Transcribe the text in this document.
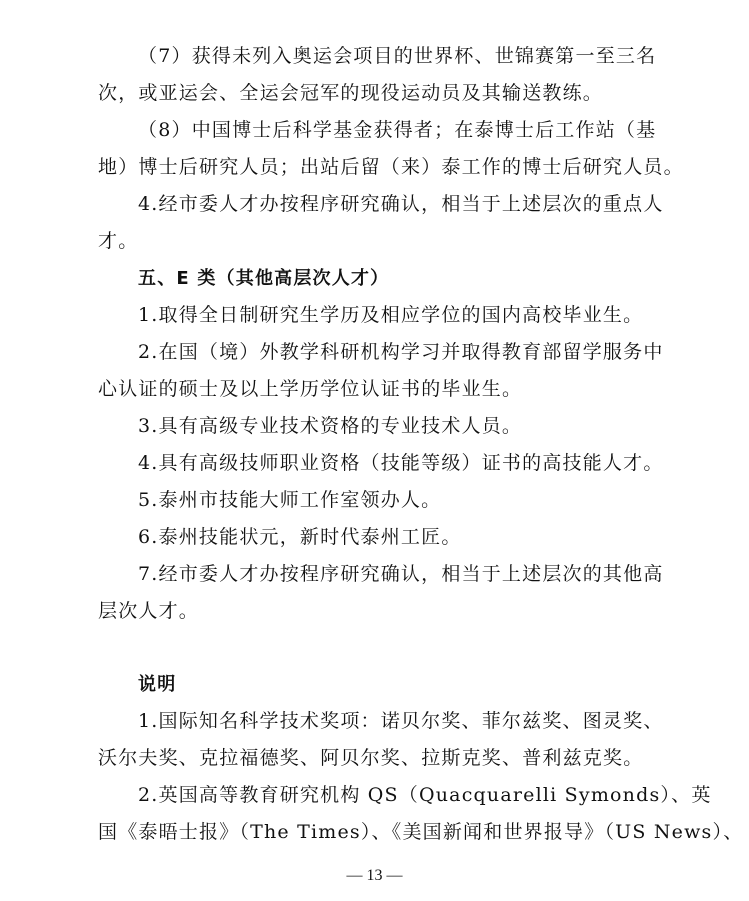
（7）获得未列入奥运会项目的世界杯、世锦赛第一至三名
次，或亚运会、全运会冠军的现役运动员及其输送教练。
（8）中国博士后科学基金获得者；在泰博士后工作站（基
地）博士后研究人员；出站后留（来）泰工作的博士后研究人员。
4.经市委人才办按程序研究确认，相当于上述层次的重点人
才。
五、E 类（其他高层次人才）
1.取得全日制研究生学历及相应学位的国内高校毕业生。
2.在国（境）外教学科研机构学习并取得教育部留学服务中
心认证的硕士及以上学历学位认证书的毕业生。
3.具有高级专业技术资格的专业技术人员。
4.具有高级技师职业资格（技能等级）证书的高技能人才。
5.泰州市技能大师工作室领办人。
6.泰州技能状元，新时代泰州工匠。
7.经市委人才办按程序研究确认，相当于上述层次的其他高
层次人才。
说明
1.国际知名科学技术奖项：诺贝尔奖、菲尔兹奖、图灵奖、
沃尔夫奖、克拉福德奖、阿贝尔奖、拉斯克奖、普利兹克奖。
2.英国高等教育研究机构 QS（Quacquarelli Symonds）、英
国《泰晤士报》（The Times）、《美国新闻和世界报导》（US News）、
— 13 —
